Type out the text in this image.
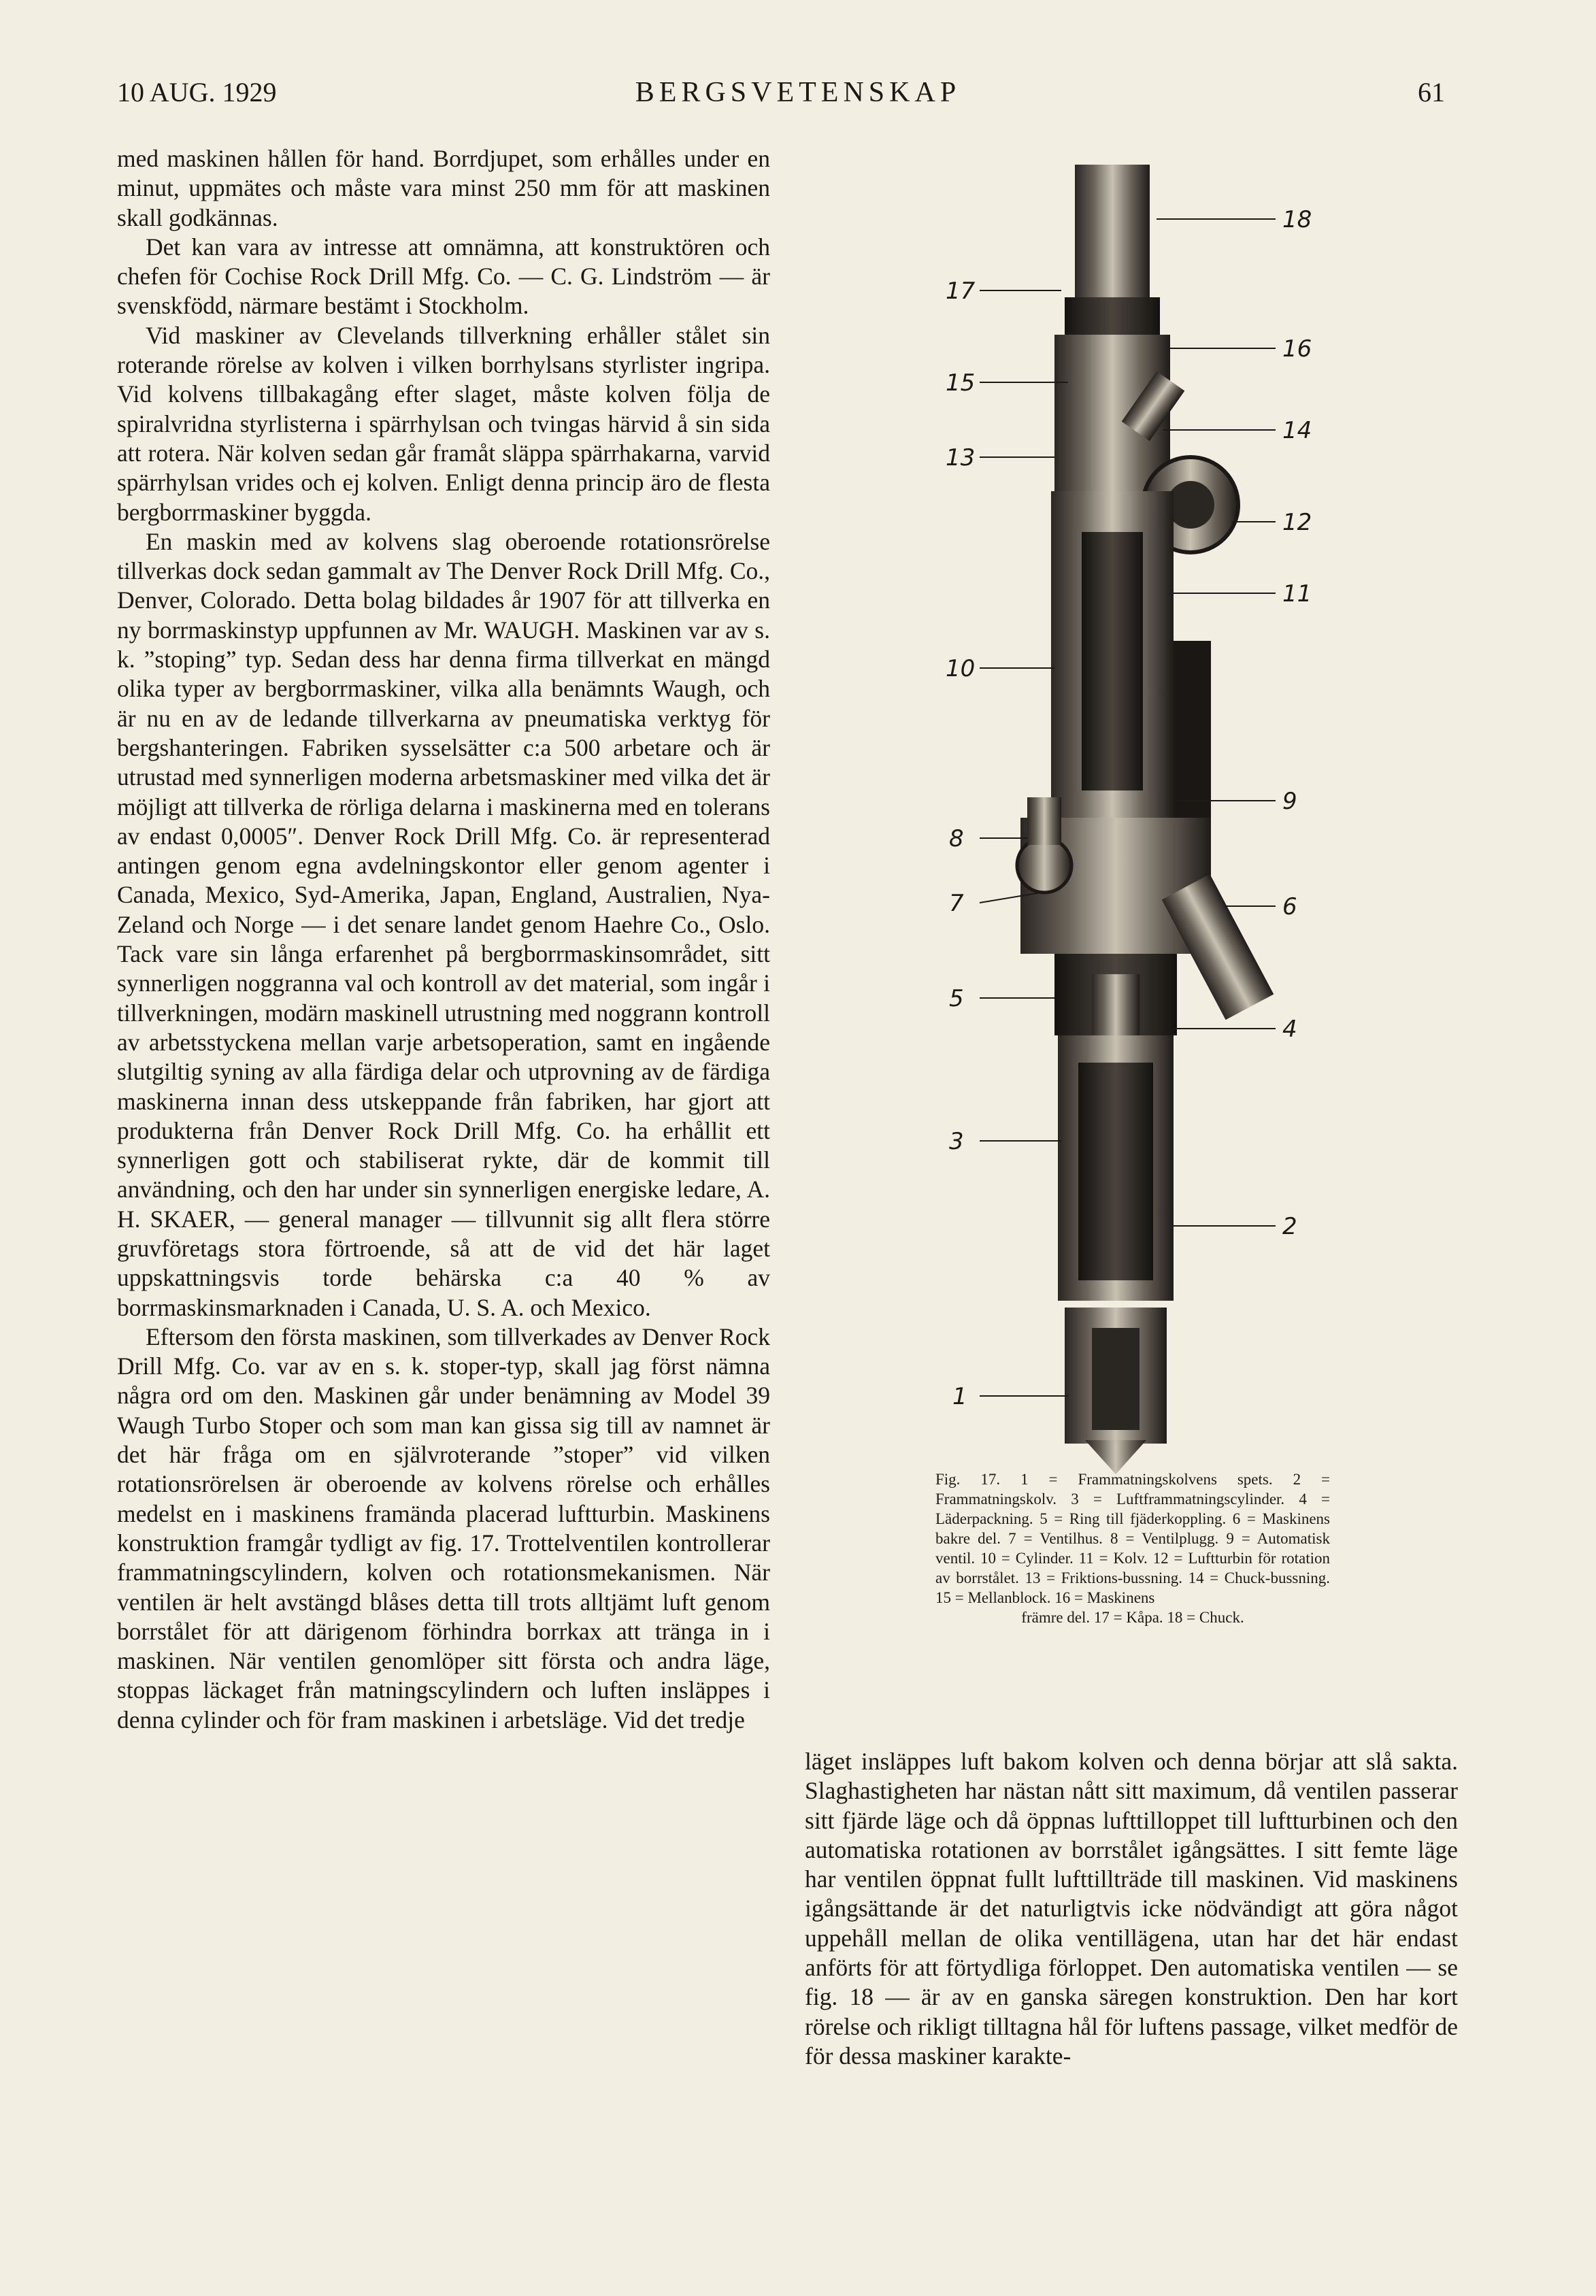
10 AUG. 1929	BERGSVETENSKAP	61

med maskinen hållen för hand. Borrdjupet, som erhålles under en minut, uppmätes och måste vara minst 250 mm för att maskinen skall godkännas.

Det kan vara av intresse att omnämna, att konstruktören och chefen för Cochise Rock Drill Mfg. Co. — C. G. Lindström — är svenskfödd, närmare bestämt i Stockholm.

Vid maskiner av Clevelands tillverkning erhåller stålet sin roterande rörelse av kolven i vilken borrhylsans styrlister ingripa. Vid kolvens tillbakagång efter slaget, måste kolven följa de spiralvridna styrlisterna i spärrhylsan och tvingas härvid å sin sida att rotera. När kolven sedan går framåt släppa spärrhakarna, varvid spärrhylsan vrides och ej kolven. Enligt denna princip äro de flesta bergborrmaskiner byggda.

En maskin med av kolvens slag oberoende rotationsrörelse tillverkas dock sedan gammalt av The Denver Rock Drill Mfg. Co., Denver, Colorado. Detta bolag bildades år 1907 för att tillverka en ny borrmaskinstyp uppfunnen av Mr. WAUGH. Maskinen var av s. k. ”stoping” typ. Sedan dess har denna firma tillverkat en mängd olika typer av bergborrmaskiner, vilka alla benämnts Waugh, och är nu en av de ledande tillverkarna av pneumatiska verktyg för bergshanteringen. Fabriken sysselsätter c:a 500 arbetare och är utrustad med synnerligen moderna arbetsmaskiner med vilka det är möjligt att tillverka de rörliga delarna i maskinerna med en tolerans av endast 0,0005″. Denver Rock Drill Mfg. Co. är representerad antingen genom egna avdelningskontor eller genom agenter i Canada, Mexico, Syd-Amerika, Japan, England, Australien, Nya-Zeland och Norge — i det senare landet genom Haehre Co., Oslo. Tack vare sin långa erfarenhet på bergborrmaskinsområdet, sitt synnerligen noggranna val och kontroll av det material, som ingår i tillverkningen, modärn maskinell utrustning med noggrann kontroll av arbetsstyckena mellan varje arbetsoperation, samt en ingående slutgiltig syning av alla färdiga delar och utprovning av de färdiga maskinerna innan dess utskeppande från fabriken, har gjort att produkterna från Denver Rock Drill Mfg. Co. ha erhållit ett synnerligen gott och stabiliserat rykte, där de kommit till användning, och den har under sin synnerligen energiske ledare, A. H. SKAER, — general manager — tillvunnit sig allt flera större gruvföretags stora förtroende, så att de vid det här laget uppskattningsvis torde behärska c:a 40 % av borrmaskinsmarknaden i Canada, U. S. A. och Mexico.

Eftersom den första maskinen, som tillverkades av Denver Rock Drill Mfg. Co. var av en s. k. stoper-typ, skall jag först nämna några ord om den. Maskinen går under benämning av Model 39 Waugh Turbo Stoper och som man kan gissa sig till av namnet är det här fråga om en självroterande ”stoper” vid vilken rotationsrörelsen är oberoende av kolvens rörelse och erhålles medelst en i maskinens framända placerad luftturbin. Maskinens konstruktion framgår tydligt av fig. 17. Trottelventilen kontrollerar frammatningscylindern, kolven och rotationsmekanismen. När ventilen är helt avstängd blåses detta till trots alltjämt luft genom borrstålet för att därigenom förhindra borrkax att tränga in i maskinen. När ventilen genomlöper sitt första och andra läge, stoppas läckaget från matningscylindern och luften insläppes i denna cylinder och för fram maskinen i arbetsläge. Vid det tredje

17
15
13
10
8
7
5
3
1
18
16
14
12
11
9
6
4
2
Fig. 17. 1 = Frammatningskolvens spets. 2 = Frammatningskolv. 3 = Luftframmatningscylinder. 4 = Läderpackning. 5 = Ring till fjäderkoppling. 6 = Maskinens bakre del. 7 = Ventilhus. 8 = Ventilplugg. 9 = Automatisk ventil. 10 = Cylinder. 11 = Kolv. 12 = Luftturbin för rotation av borrstålet. 13 = Friktions-bussning. 14 = Chuck-bussning. 15 = Mellanblock. 16 = Maskinens
främre del. 17 = Kåpa. 18 = Chuck.

läget insläppes luft bakom kolven och denna börjar att slå sakta. Slaghastigheten har nästan nått sitt maximum, då ventilen passerar sitt fjärde läge och då öppnas lufttilloppet till luftturbinen och den automatiska rotationen av borrstålet igångsättes. I sitt femte läge har ventilen öppnat fullt lufttillträde till maskinen. Vid maskinens igångsättande är det naturligtvis icke nödvändigt att göra något uppehåll mellan de olika ventillägena, utan har det här endast anförts för att förtydliga förloppet. Den automatiska ventilen — se fig. 18 — är av en ganska säregen konstruktion. Den har kort rörelse och rikligt tilltagna hål för luftens passage, vilket medför de för dessa maskiner karakte-
